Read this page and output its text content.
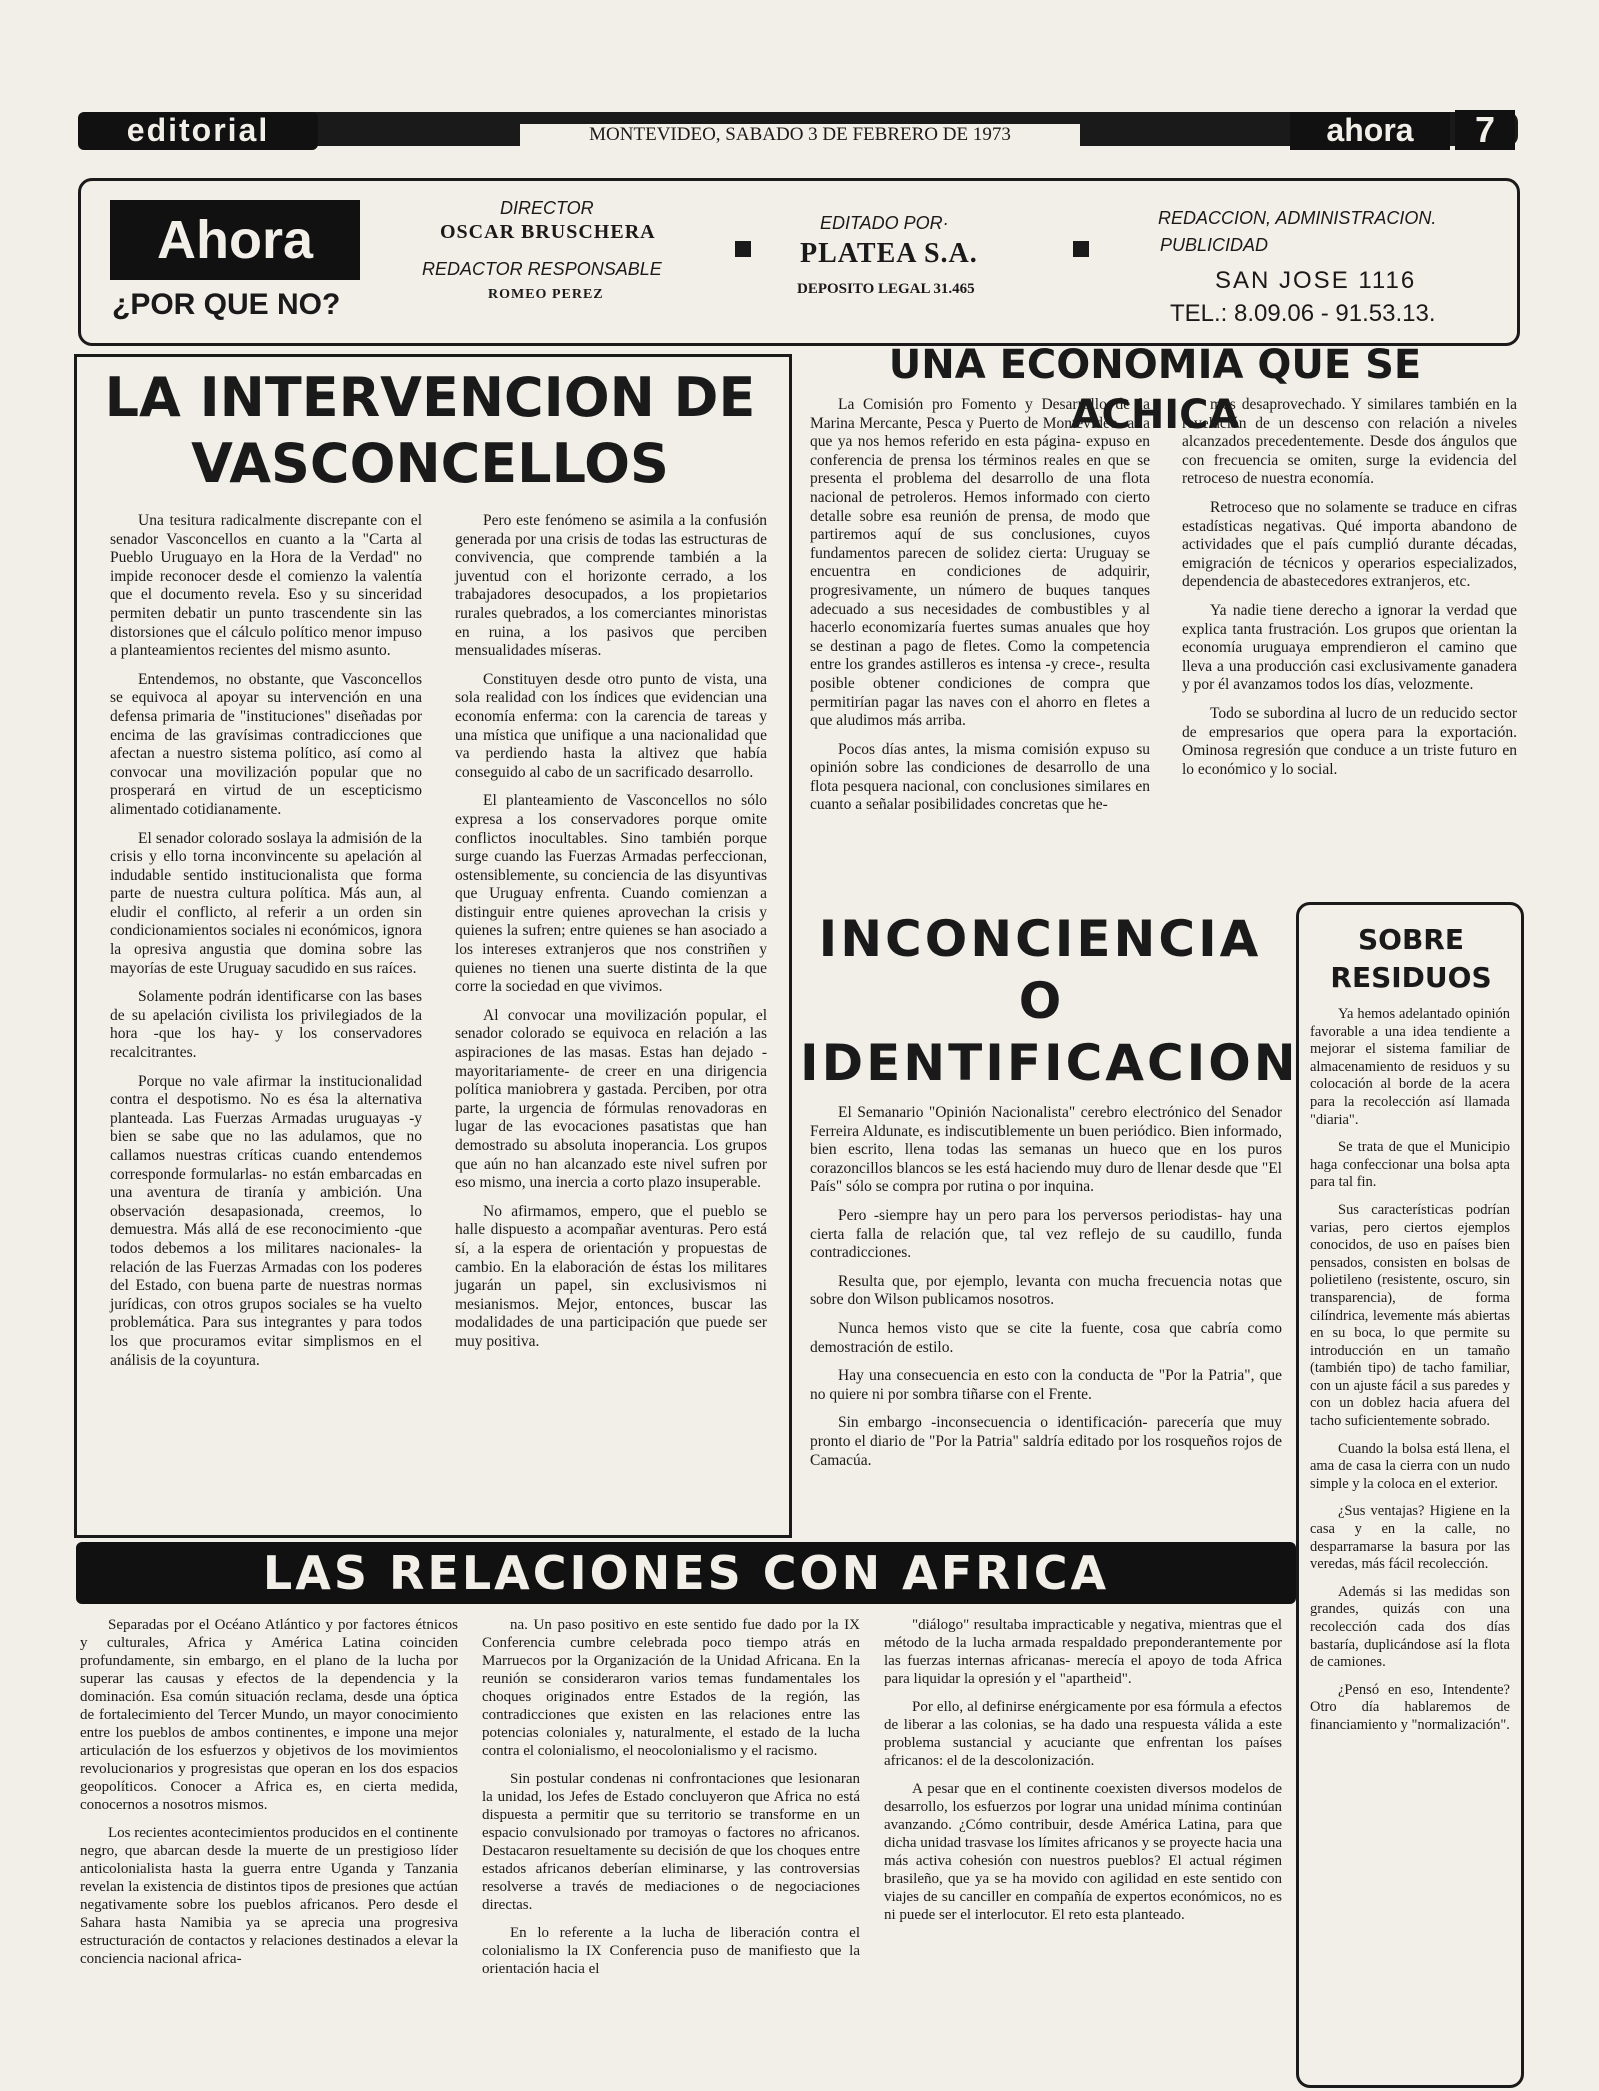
editorial	MONTEVIDEO, SABADO 3 DE FEBRERO DE 1973	ahora	7
Ahora
¿POR QUE NO?
DIRECTOR
OSCAR BRUSCHERA
REDACTOR RESPONSABLE
ROMEO PEREZ
EDITADO POR·
PLATEA S.A.
DEPOSITO LEGAL 31.465
REDACCION, ADMINISTRACION.
PUBLICIDAD
SAN JOSE 1116
TEL.: 8.09.06 - 91.53.13.
LA INTERVENCION DE
VASCONCELLOS

Una tesitura radicalmente discrepante con el senador Vasconcellos en cuanto a la "Carta al Pueblo Uruguayo en la Hora de la Verdad" no impide reconocer desde el comienzo la valentía que el documento revela. Eso y su sinceridad permiten debatir un punto trascendente sin las distorsiones que el cálculo político menor impuso a planteamientos recientes del mismo asunto.

Entendemos, no obstante, que Vasconcellos se equivoca al apoyar su intervención en una defensa primaria de "instituciones" diseñadas por encima de las gravísimas contradicciones que afectan a nuestro sistema político, así como al convocar una movilización popular que no prosperará en virtud de un escepticismo alimentado cotidianamente.

El senador colorado soslaya la admisión de la crisis y ello torna inconvincente su apelación al indudable sentido institucionalista que forma parte de nuestra cultura política. Más aun, al eludir el conflicto, al referir a un orden sin condicionamientos sociales ni económicos, ignora la opresiva angustia que domina sobre las mayorías de este Uruguay sacudido en sus raíces.

Solamente podrán identificarse con las bases de su apelación civilista los privilegiados de la hora -que los hay- y los conservadores recalcitrantes.

Porque no vale afirmar la institucionalidad contra el despotismo. No es ésa la alternativa planteada. Las Fuerzas Armadas uruguayas -y bien se sabe que no las adulamos, que no callamos nuestras críticas cuando entendemos corresponde formularlas- no están embarcadas en una aventura de tiranía y ambición. Una observación desapasionada, creemos, lo demuestra. Más allá de ese reconocimiento -que todos debemos a los militares nacionales- la relación de las Fuerzas Armadas con los poderes del Estado, con buena parte de nuestras normas jurídicas, con otros grupos sociales se ha vuelto problemática. Para sus integrantes y para todos los que procuramos evitar simplismos en el análisis de la coyuntura.

Pero este fenómeno se asimila a la confusión generada por una crisis de todas las estructuras de convivencia, que comprende también a la juventud con el horizonte cerrado, a los trabajadores desocupados, a los propietarios rurales quebrados, a los comerciantes minoristas en ruina, a los pasivos que perciben mensualidades míseras.

Constituyen desde otro punto de vista, una sola realidad con los índices que evidencian una economía enferma: con la carencia de tareas y una mística que unifique a una nacionalidad que va perdiendo hasta la altivez que había conseguido al cabo de un sacrificado desarrollo.

El planteamiento de Vasconcellos no sólo expresa a los conservadores porque omite conflictos inocultables. Sino también porque surge cuando las Fuerzas Armadas perfeccionan, ostensiblemente, su conciencia de las disyuntivas que Uruguay enfrenta. Cuando comienzan a distinguir entre quienes aprovechan la crisis y quienes la sufren; entre quienes se han asociado a los intereses extranjeros que nos constriñen y quienes no tienen una suerte distinta de la que corre la sociedad en que vivimos.

Al convocar una movilización popular, el senador colorado se equivoca en relación a las aspiraciones de las masas. Estas han dejado -mayoritariamente- de creer en una dirigencia política maniobrera y gastada. Perciben, por otra parte, la urgencia de fórmulas renovadoras en lugar de las evocaciones pasatistas que han demostrado su absoluta inoperancia. Los grupos que aún no han alcanzado este nivel sufren por eso mismo, una inercia a corto plazo insuperable.

No afirmamos, empero, que el pueblo se halle dispuesto a acompañar aventuras. Pero está sí, a la espera de orientación y propuestas de cambio. En la elaboración de éstas los militares jugarán un papel, sin exclusivismos ni mesianismos. Mejor, entonces, buscar las modalidades de una participación que puede ser muy positiva.

UNA ECONOMIA QUE SE ACHICA

La Comisión pro Fomento y Desarrollo de la Marina Mercante, Pesca y Puerto de Montevideo -a la que ya nos hemos referido en esta página- expuso en conferencia de prensa los términos reales en que se presenta el problema del desarrollo de una flota nacional de petroleros. Hemos informado con cierto detalle sobre esa reunión de prensa, de modo que partiremos aquí de sus conclusiones, cuyos fundamentos parecen de solidez cierta: Uruguay se encuentra en condiciones de adquirir, progresivamente, un número de buques tanques adecuado a sus necesidades de combustibles y al hacerlo economizaría fuertes sumas anuales que hoy se destinan a pago de fletes. Como la competencia entre los grandes astilleros es intensa -y crece-, resulta posible obtener condiciones de compra que permitirían pagar las naves con el ahorro en fletes a que aludimos más arriba.

Pocos días antes, la misma comisión expuso su opinión sobre las condiciones de desarrollo de una flota pesquera nacional, con conclusiones similares en cuanto a señalar posibilidades concretas que he-

mos desaprovechado. Y similares también en la revelación de un descenso con relación a niveles alcanzados precedentemente. Desde dos ángulos que con frecuencia se omiten, surge la evidencia del retroceso de nuestra economía.

Retroceso que no solamente se traduce en cifras estadísticas negativas. Qué importa abandono de actividades que el país cumplió durante décadas, emigración de técnicos y operarios especializados, dependencia de abastecedores extranjeros, etc.

Ya nadie tiene derecho a ignorar la verdad que explica tanta frustración. Los grupos que orientan la economía uruguaya emprendieron el camino que lleva a una producción casi exclusivamente ganadera y por él avanzamos todos los días, velozmente.

Todo se subordina al lucro de un reducido sector de empresarios que opera para la exportación. Ominosa regresión que conduce a un triste futuro en lo económico y lo social.

INCONCIENCIA
O
IDENTIFICACION

El Semanario "Opinión Nacionalista" cerebro electrónico del Senador Ferreira Aldunate, es indiscutiblemente un buen periódico. Bien informado, bien escrito, llena todas las semanas un hueco que en los puros corazoncillos blancos se les está haciendo muy duro de llenar desde que "El País" sólo se compra por rutina o por inquina.

Pero -siempre hay un pero para los perversos periodistas- hay una cierta falla de relación que, tal vez reflejo de su caudillo, funda contradicciones.

Resulta que, por ejemplo, levanta con mucha frecuencia notas que sobre don Wilson publicamos nosotros.

Nunca hemos visto que se cite la fuente, cosa que cabría como demostración de estilo.

Hay una consecuencia en esto con la conducta de "Por la Patria", que no quiere ni por sombra tiñarse con el Frente.

Sin embargo -inconsecuencia o identificación- parecería que muy pronto el diario de "Por la Patria" saldría editado por los rosqueños rojos de Camacúa.

SOBRE
RESIDUOS

Ya hemos adelantado opinión favorable a una idea tendiente a mejorar el sistema familiar de almacenamiento de residuos y su colocación al borde de la acera para la recolección así llamada "diaria".

Se trata de que el Municipio haga confeccionar una bolsa apta para tal fin.

Sus características podrían varias, pero ciertos ejemplos conocidos, de uso en países bien pensados, consisten en bolsas de polietileno (resistente, oscuro, sin transparencia), de forma cilíndrica, levemente más abiertas en su boca, lo que permite su introducción en un tamaño (también tipo) de tacho familiar, con un ajuste fácil a sus paredes y con un doblez hacia afuera del tacho suficientemente sobrado.

Cuando la bolsa está llena, el ama de casa la cierra con un nudo simple y la coloca en el exterior.

¿Sus ventajas? Higiene en la casa y en la calle, no desparramarse la basura por las veredas, más fácil recolección.

Además si las medidas son grandes, quizás con una recolección cada dos días bastaría, duplicándose así la flota de camiones.

¿Pensó en eso, Intendente? Otro día hablaremos de financiamiento y "normalización".

LAS RELACIONES CON AFRICA

Separadas por el Océano Atlántico y por factores étnicos y culturales, Africa y América Latina coinciden profundamente, sin embargo, en el plano de la lucha por superar las causas y efectos de la dependencia y la dominación. Esa común situación reclama, desde una óptica de fortalecimiento del Tercer Mundo, un mayor conocimiento entre los pueblos de ambos continentes, e impone una mejor articulación de los esfuerzos y objetivos de los movimientos revolucionarios y progresistas que operan en los dos espacios geopolíticos. Conocer a Africa es, en cierta medida, conocernos a nosotros mismos.

Los recientes acontecimientos producidos en el continente negro, que abarcan desde la muerte de un prestigioso líder anticolonialista hasta la guerra entre Uganda y Tanzania revelan la existencia de distintos tipos de presiones que actúan negativamente sobre los pueblos africanos. Pero desde el Sahara hasta Namibia ya se aprecia una progresiva estructuración de contactos y relaciones destinados a elevar la conciencia nacional africa-

na. Un paso positivo en este sentido fue dado por la IX Conferencia cumbre celebrada poco tiempo atrás en Marruecos por la Organización de la Unidad Africana. En la reunión se consideraron varios temas fundamentales los choques originados entre Estados de la región, las contradicciones que existen en las relaciones entre las potencias coloniales y, naturalmente, el estado de la lucha contra el colonialismo, el neocolonialismo y el racismo.

Sin postular condenas ni confrontaciones que lesionaran la unidad, los Jefes de Estado concluyeron que Africa no está dispuesta a permitir que su territorio se transforme en un espacio convulsionado por tramoyas o factores no africanos. Destacaron resueltamente su decisión de que los choques entre estados africanos deberían eliminarse, y las controversias resolverse a través de mediaciones o de negociaciones directas.

En lo referente a la lucha de liberación contra el colonialismo la IX Conferencia puso de manifiesto que la orientación hacia el

"diálogo" resultaba impracticable y negativa, mientras que el método de la lucha armada respaldado preponderantemente por las fuerzas internas africanas- merecía el apoyo de toda Africa para liquidar la opresión y el "apartheid".

Por ello, al definirse enérgicamente por esa fórmula a efectos de liberar a las colonias, se ha dado una respuesta válida a este problema sustancial y acuciante que enfrentan los países africanos: el de la descolonización.

A pesar que en el continente coexisten diversos modelos de desarrollo, los esfuerzos por lograr una unidad mínima continúan avanzando. ¿Cómo contribuir, desde América Latina, para que dicha unidad trasvase los límites africanos y se proyecte hacia una más activa cohesión con nuestros pueblos? El actual régimen brasileño, que ya se ha movido con agilidad en este sentido con viajes de su canciller en compañía de expertos económicos, no es ni puede ser el interlocutor. El reto esta planteado.
